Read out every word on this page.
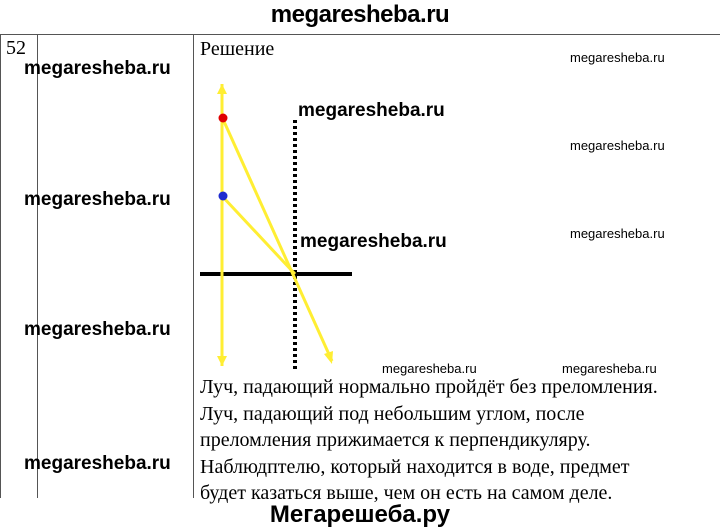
megaresheba.ru
52	Решение

Луч, падающий нормально пройдёт без преломления.
Луч, падающий под небольшим углом, после
преломления прижимается к перпендикуляру.
Наблюдптелю, который находится в воде, предмет
будет казаться выше, чем он есть на самом деле.

megaresheba.ru
megaresheba.ru
megaresheba.ru
megaresheba.ru
megaresheba.ru
megaresheba.ru
megaresheba.ru
megaresheba.ru
megaresheba.ru
megaresheba.ru	megaresheba.ru
Мегарешеба.ру
